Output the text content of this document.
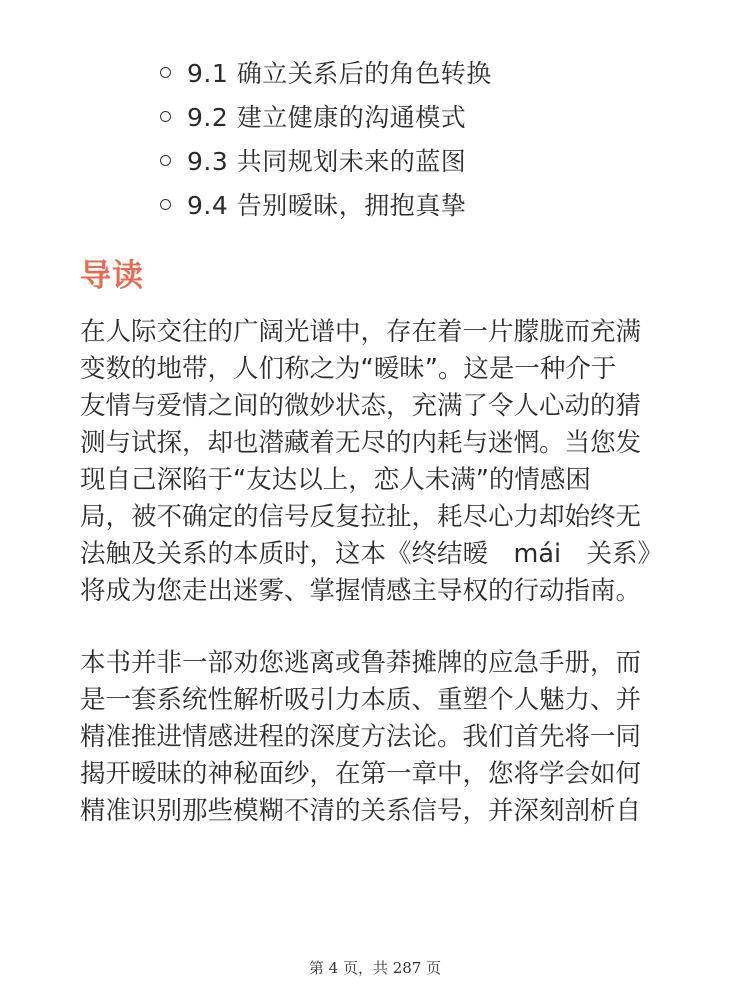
9.1 确立关系后的角色转换
9.2 建立健康的沟通模式
9.3 共同规划未来的蓝图
9.4 告别暧昧，拥抱真挚
导读

在人际交往的广阔光谱中，存在着一片朦胧而充满
变数的地带，人们称之为“暧昧”。这是一种介于
友情与爱情之间的微妙状态，充满了令人心动的猜
测与试探，却也潜藏着无尽的内耗与迷惘。当您发
现自己深陷于“友达以上，恋人未满”的情感困
局，被不确定的信号反复拉扯，耗尽心力却始终无
法触及关系的本质时，这本《终结暧　mái　关系》
将成为您走出迷雾、掌握情感主导权的行动指南。

本书并非一部劝您逃离或鲁莽摊牌的应急手册，而
是一套系统性解析吸引力本质、重塑个人魅力、并
精准推进情感进程的深度方法论。我们首先将一同
揭开暧昧的神秘面纱，在第一章中，您将学会如何
精准识别那些模糊不清的关系信号，并深刻剖析自

第 4 页，共 287 页
